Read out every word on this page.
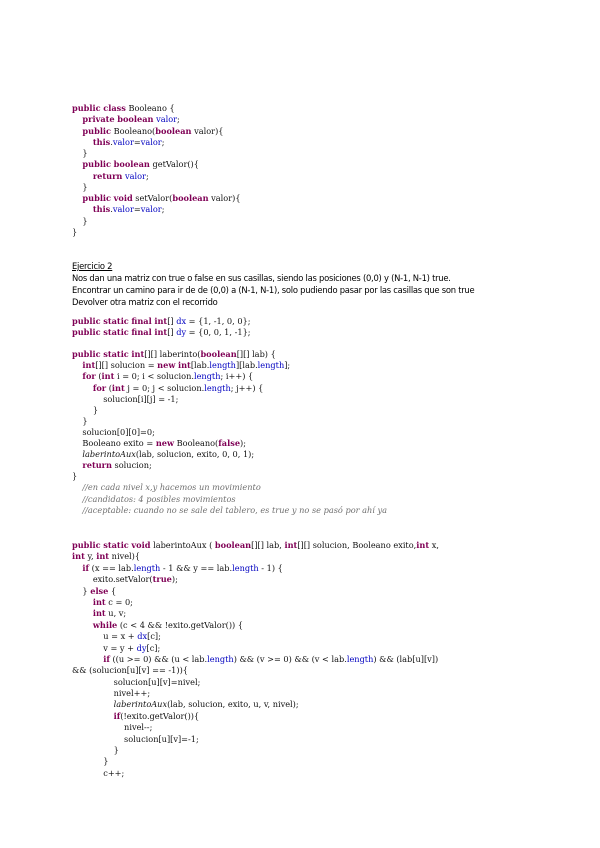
public class Booleano {
private boolean valor;
public Booleano(boolean valor){
this.valor=valor;
}
public boolean getValor(){
return valor;
}
public void setValor(boolean valor){
this.valor=valor;
}
}
Ejercicio 2
Nos dan una matriz con true o false en sus casillas, siendo las posiciones (0,0) y (N-1, N-1) true.
Encontrar un camino para ir de de (0,0) a (N-1, N-1), solo pudiendo pasar por las casillas que son true
Devolver otra matriz con el recorrido
public static final int[] dx = {1, -1, 0, 0};
public static final int[] dy = {0, 0, 1, -1};
public static int[][] laberinto(boolean[][] lab) {
int[][] solucion = new int[lab.length][lab.length];
for (int i = 0; i < solucion.length; i++) {
for (int j = 0; j < solucion.length; j++) {
solucion[i][j] = -1;
}
}
solucion[0][0]=0;
Booleano exito = new Booleano(false);
laberintoAux(lab, solucion, exito, 0, 0, 1);
return solucion;
}
//en cada nivel x,y hacemos un movimiento
//candidatos: 4 posibles movimientos
//aceptable: cuando no se sale del tablero, es true y no se pasó por ahí ya
public static void laberintoAux ( boolean[][] lab, int[][] solucion, Booleano exito,int x,
int y, int nivel){
if (x == lab.length - 1 && y == lab.length - 1) {
exito.setValor(true);
} else {
int c = 0;
int u, v;
while (c < 4 && !exito.getValor()) {
u = x + dx[c];
v = y + dy[c];
if ((u >= 0) && (u < lab.length) && (v >= 0) && (v < lab.length) && (lab[u][v])
&& (solucion[u][v] == -1)){
solucion[u][v]=nivel;
nivel++;
laberintoAux(lab, solucion, exito, u, v, nivel);
if(!exito.getValor()){
nivel--;
solucion[u][v]=-1;
}
}
c++;
